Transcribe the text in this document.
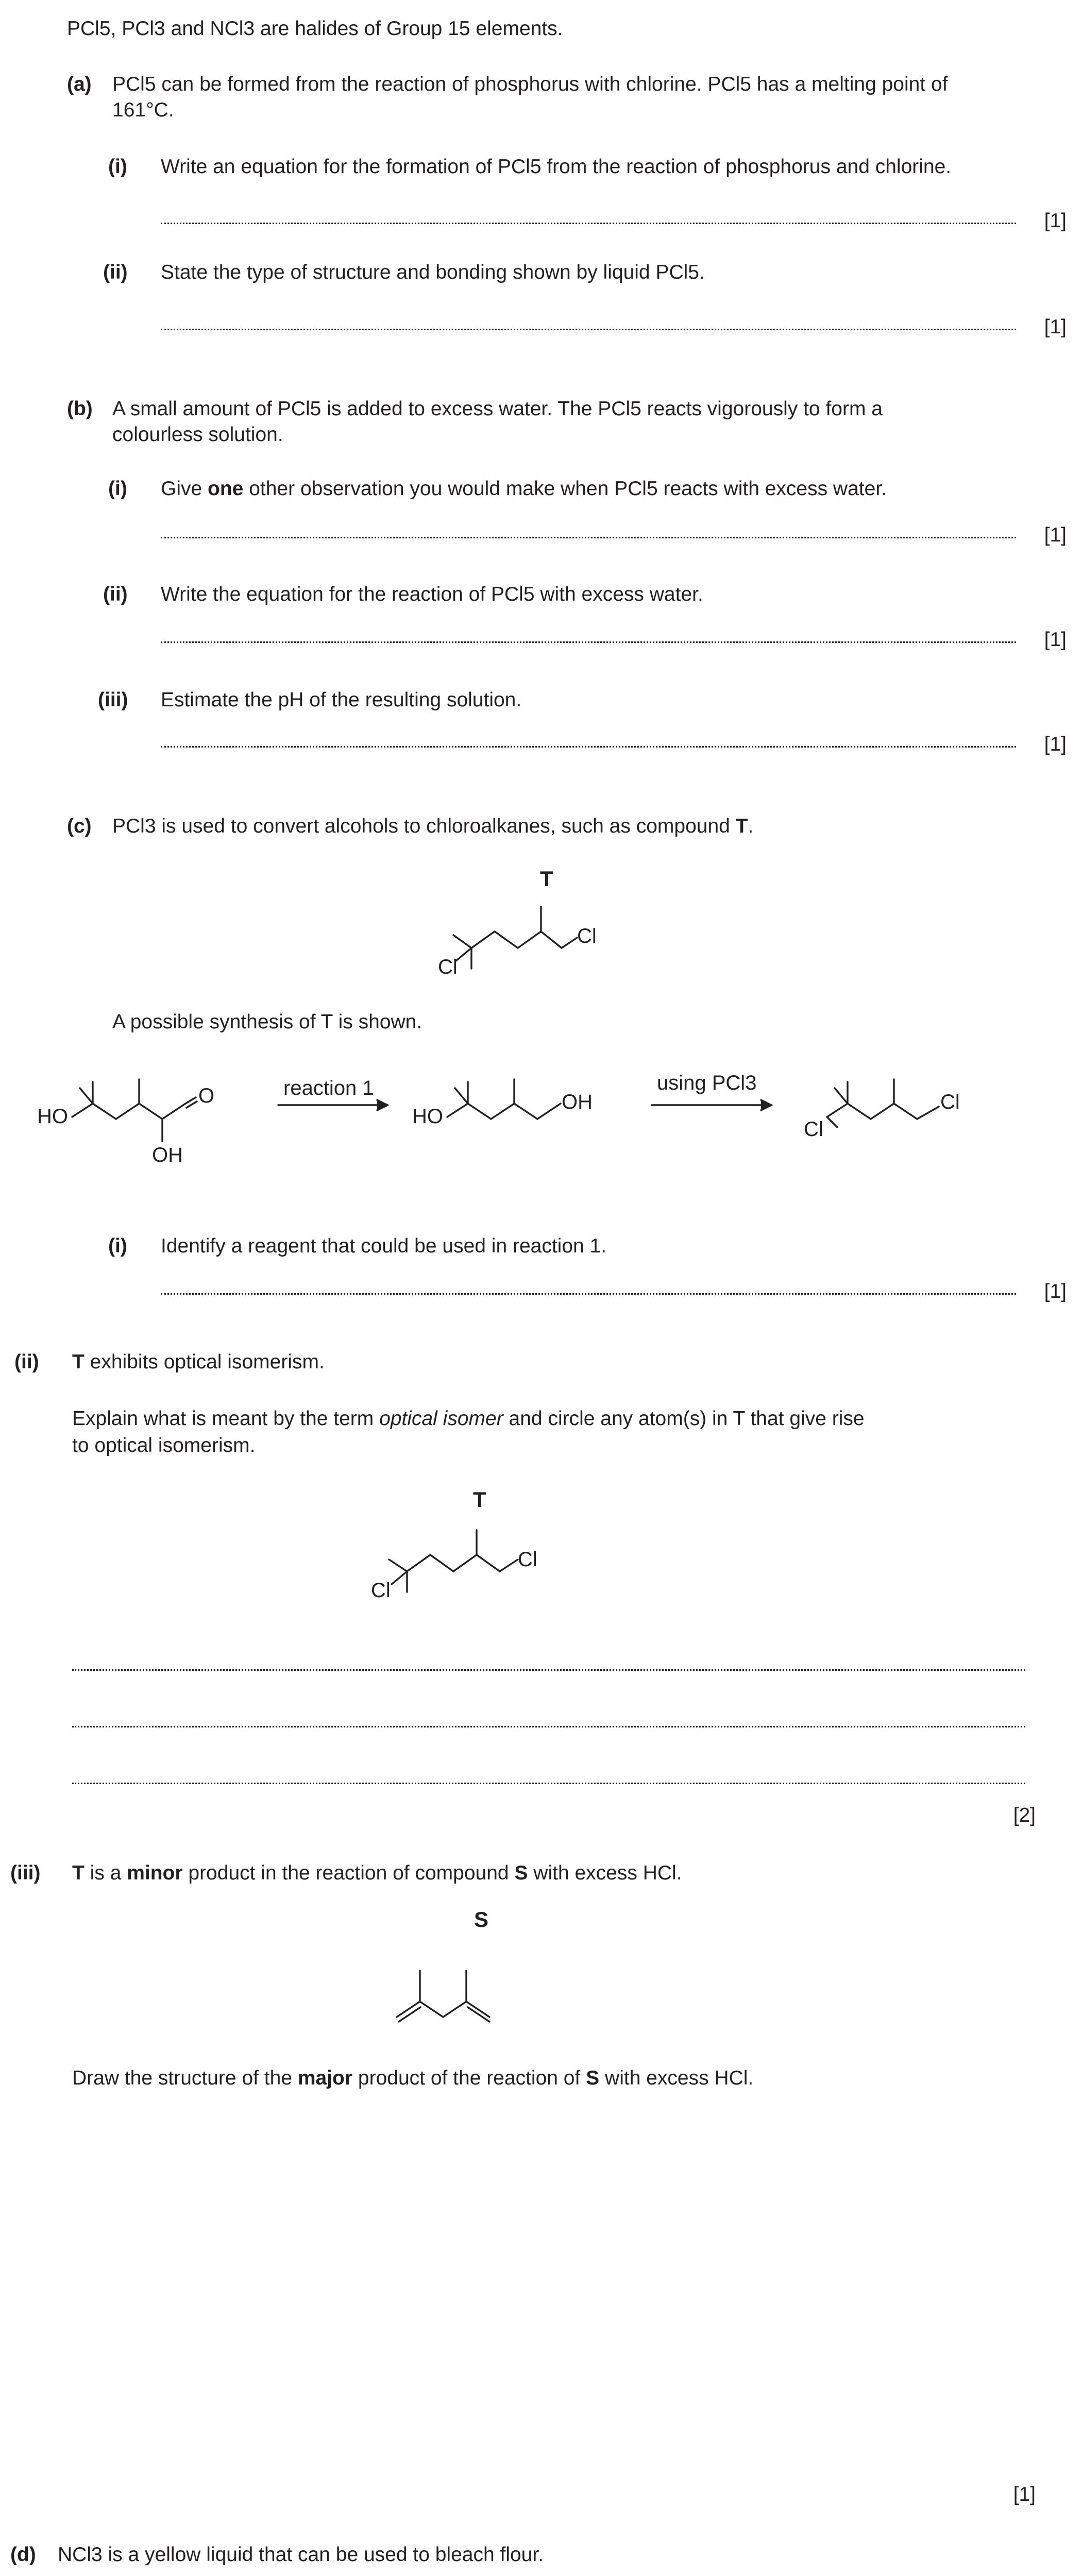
PCl5, PCl3 and NCl3 are halides of Group 15 elements.

(a) PCl5 can be formed from the reaction of phosphorus with chlorine. PCl5 has a melting point of

161°C.

(i) Write an equation for the formation of PCl5 from the reaction of phosphorus and chlorine.

[1]
(ii) State the type of structure and bonding shown by liquid PCl5.

[1]
(b) A small amount of PCl5 is added to excess water. The PCl5 reacts vigorously to form a

colourless solution.

(i) Give one other observation you would make when PCl5 reacts with excess water.

[1]
(ii) Write the equation for the reaction of PCl5 with excess water.

[1]
(iii) Estimate the pH of the resulting solution.

[1]
(c) PCl3 is used to convert alcohols to chloroalkanes, such as compound T.

T
Cl
Cl

A possible synthesis of T is shown.

HO
O
OH
reaction 1
HO
OH
using PCl3
Cl
Cl
(i) Identify a reagent that could be used in reaction 1.

[1]
(ii) T exhibits optical isomerism.

Explain what is meant by the term optical isomer and circle any atom(s) in T that give rise

to optical isomerism.

T
Cl
Cl
[2]
(iii) T is a minor product in the reaction of compound S with excess HCl.

S

Draw the structure of the major product of the reaction of S with excess HCl.

[1]
(d) NCl3 is a yellow liquid that can be used to bleach flour.
